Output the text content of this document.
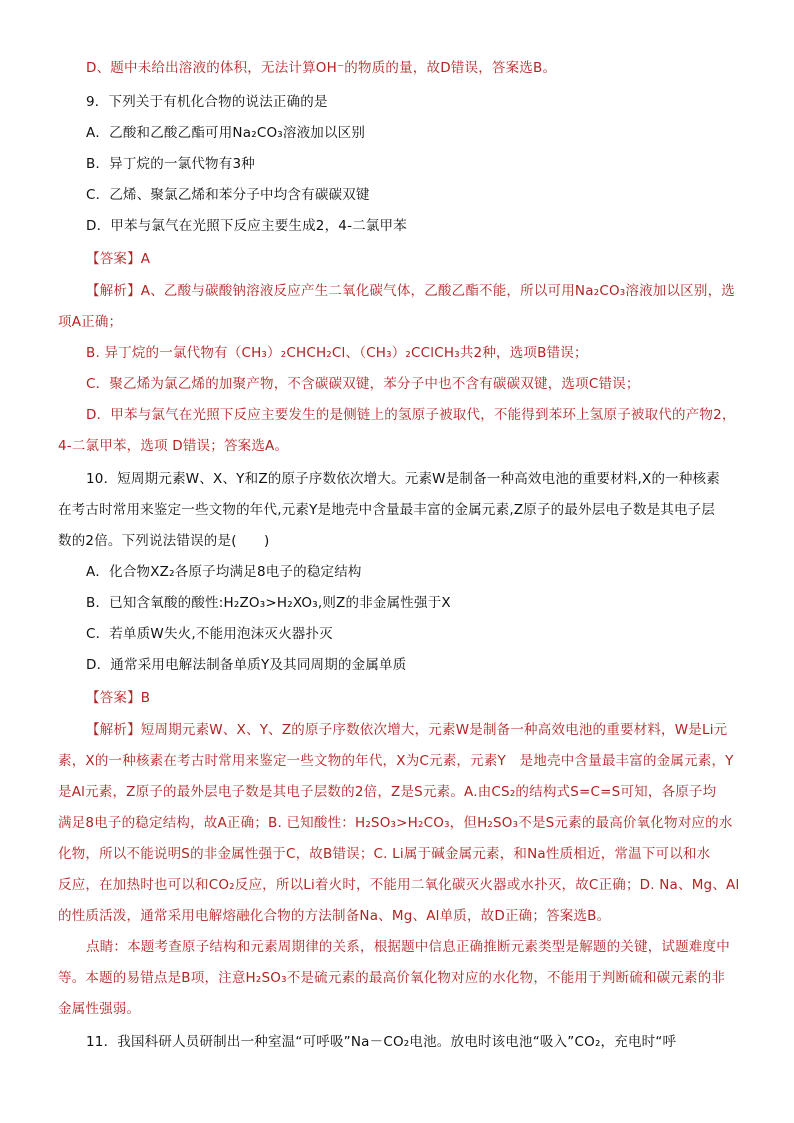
D、题中未给出溶液的体积，无法计算OH⁻的物质的量，故D错误，答案选B。
9．下列关于有机化合物的说法正确的是
A．乙酸和乙酸乙酯可用Na₂CO₃溶液加以区别
B．异丁烷的一氯代物有3种
C．乙烯、聚氯乙烯和苯分子中均含有碳碳双键
D．甲苯与氯气在光照下反应主要生成2，4-二氯甲苯
【答案】A
【解析】A、乙酸与碳酸钠溶液反应产生二氧化碳气体，乙酸乙酯不能，所以可用Na₂CO₃溶液加以区别，选
项A正确；
B. 异丁烷的一氯代物有（CH₃）₂CHCH₂Cl、（CH₃）₂CClCH₃共2种，选项B错误；
C．聚乙烯为氯乙烯的加聚产物，不含碳碳双键，苯分子中也不含有碳碳双键，选项C错误；
D．甲苯与氯气在光照下反应主要发生的是侧链上的氢原子被取代，不能得到苯环上氢原子被取代的产物2，
4-二氯甲苯，选项 D错误；答案选A。
10．短周期元素W、X、Y和Z的原子序数依次增大。元素W是制备一种高效电池的重要材料,X的一种核素
在考古时常用来鉴定一些文物的年代,元素Y是地壳中含量最丰富的金属元素,Z原子的最外层电子数是其电子层
数的2倍。下列说法错误的是(　　)
A．化合物XZ₂各原子均满足8电子的稳定结构
B．已知含氧酸的酸性:H₂ZO₃>H₂XO₃,则Z的非金属性强于X
C．若单质W失火,不能用泡沫灭火器扑灭
D．通常采用电解法制备单质Y及其同周期的金属单质
【答案】B
【解析】短周期元素W、X、Y、Z的原子序数依次增大，元素W是制备一种高效电池的重要材料，W是Li元
素，X的一种核素在考古时常用来鉴定一些文物的年代，X为C元素，元素Y　是地壳中含量最丰富的金属元素，Y
是Al元素，Z原子的最外层电子数是其电子层数的2倍，Z是S元素。A.由CS₂的结构式S=C=S可知，各原子均
满足8电子的稳定结构，故A正确；B. 已知酸性：H₂SO₃>H₂CO₃，但H₂SO₃不是S元素的最高价氧化物对应的水
化物，所以不能说明S的非金属性强于C，故B错误；C. Li属于碱金属元素，和Na性质相近，常温下可以和水
反应，在加热时也可以和CO₂反应，所以Li着火时，不能用二氧化碳灭火器或水扑灭，故C正确；D. Na、Mg、Al
的性质活泼，通常采用电解熔融化合物的方法制备Na、Mg、Al单质，故D正确；答案选B。
点睛：本题考查原子结构和元素周期律的关系，根据题中信息正确推断元素类型是解题的关键，试题难度中
等。本题的易错点是B项，注意H₂SO₃不是硫元素的最高价氧化物对应的水化物，不能用于判断硫和碳元素的非
金属性强弱。
11．我国科研人员研制出一种室温“可呼吸”Na－CO₂电池。放电时该电池“吸入”CO₂，充电时“呼
